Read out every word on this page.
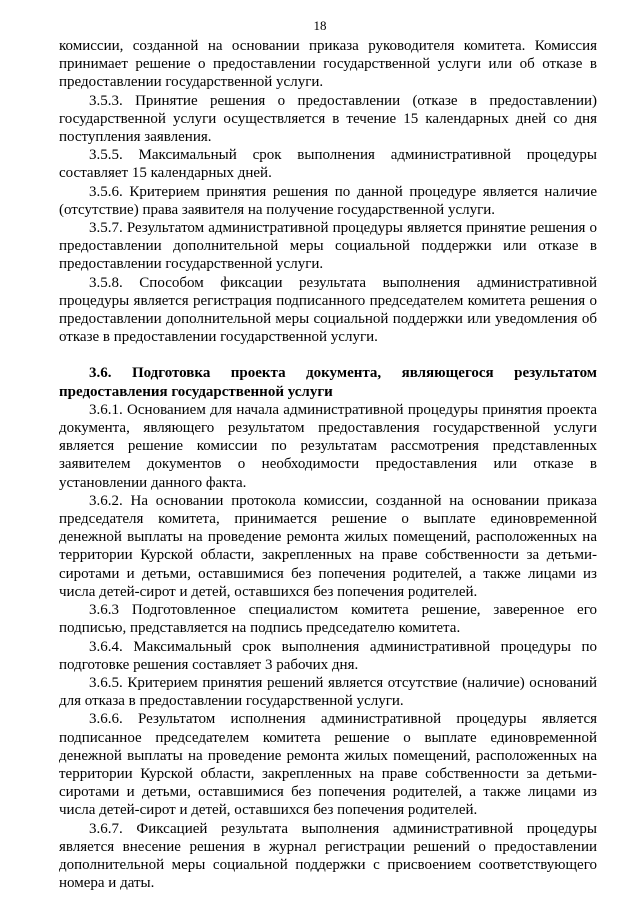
18

комиссии, созданной на основании приказа руководителя комитета. Комиссия принимает решение о предоставлении государственной услуги или об отказе в предоставлении государственной услуги.

3.5.3. Принятие решения о предоставлении (отказе в предоставлении) государственной услуги осуществляется в течение 15 календарных дней со дня поступления заявления.

3.5.5. Максимальный срок выполнения административной процедуры составляет 15 календарных дней.

3.5.6. Критерием принятия решения по данной процедуре является наличие (отсутствие) права заявителя на получение государственной услуги.

3.5.7. Результатом административной процедуры является принятие решения о предоставлении дополнительной меры социальной поддержки или отказе в предоставлении государственной услуги.

3.5.8. Способом фиксации результата выполнения административной процедуры является регистрация подписанного председателем комитета решения о предоставлении дополнительной меры социальной поддержки или уведомления об отказе в предоставлении государственной услуги.

3.6. Подготовка проекта документа, являющегося результатом предоставления государственной услуги

3.6.1. Основанием для начала административной процедуры принятия проекта документа, являющего результатом предоставления государственной услуги является решение комиссии по результатам рассмотрения представленных заявителем документов о необходимости предоставления или отказе в установлении данного факта.

3.6.2. На основании протокола комиссии, созданной на основании приказа председателя комитета, принимается решение о выплате единовременной денежной выплаты на проведение ремонта жилых помещений, расположенных на территории Курской области, закрепленных на праве собственности за детьми-сиротами и детьми, оставшимися без попечения родителей, а также лицами из числа детей-сирот и детей, оставшихся без попечения родителей.

3.6.3 Подготовленное специалистом комитета решение, заверенное его подписью, представляется на подпись председателю комитета.

3.6.4. Максимальный срок выполнения административной процедуры по подготовке решения составляет 3 рабочих дня.

3.6.5. Критерием принятия решений является отсутствие (наличие) оснований для отказа в предоставлении государственной услуги.

3.6.6. Результатом исполнения административной процедуры является подписанное председателем комитета решение о выплате единовременной денежной выплаты на проведение ремонта жилых помещений, расположенных на территории Курской области, закрепленных на праве собственности за детьми-сиротами и детьми, оставшимися без попечения родителей, а также лицами из числа детей-сирот и детей, оставшихся без попечения родителей.

3.6.7. Фиксацией результата выполнения административной процедуры является внесение решения в журнал регистрации решений о предоставлении дополнительной меры социальной поддержки с присвоением соответствующего номера и даты.
